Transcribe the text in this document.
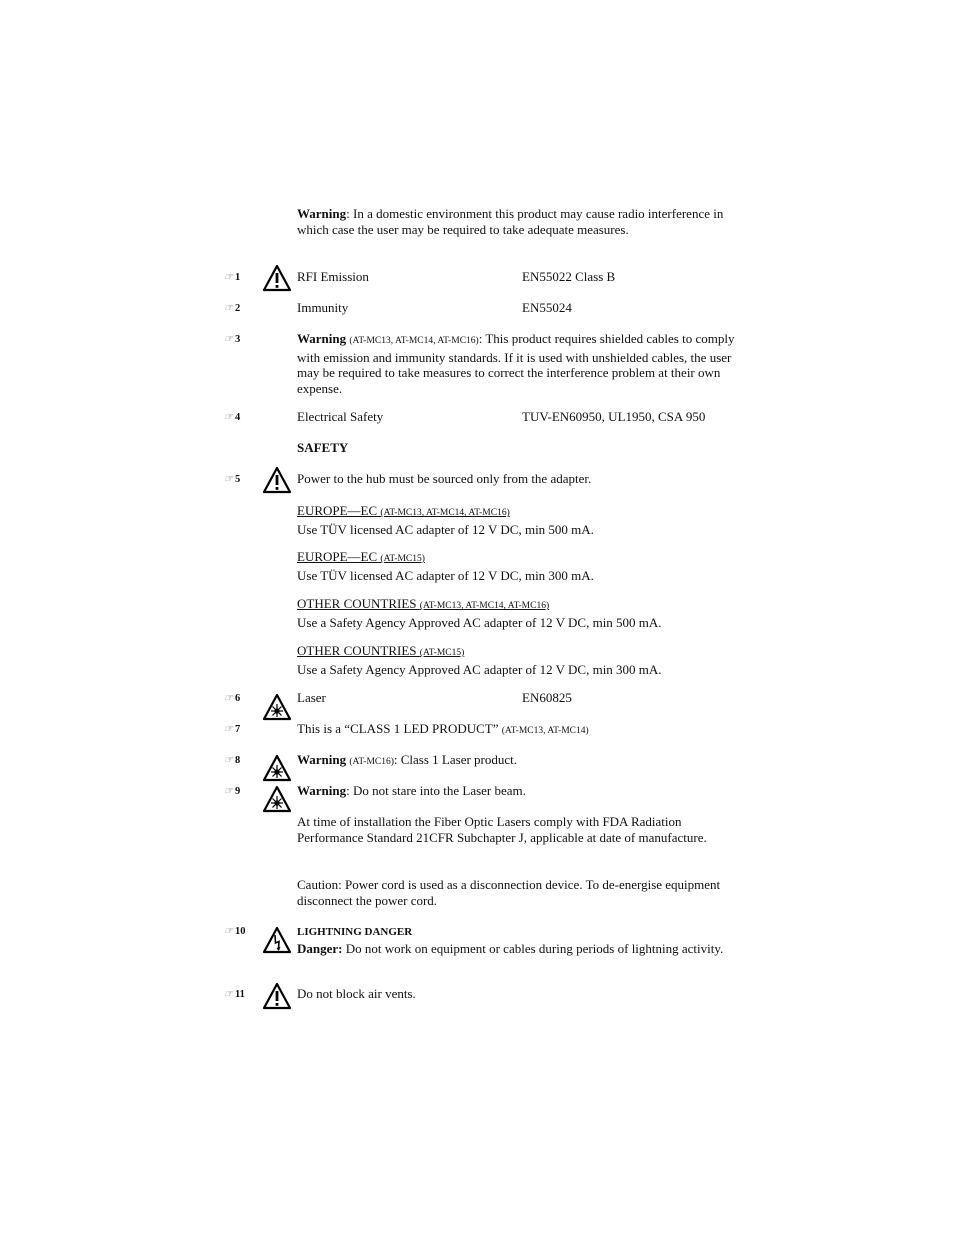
Warning: In a domestic environment this product may cause radio interference in which case the user may be required to take adequate measures.
☞ 1	RFI Emission	EN55022 Class B
☞ 2	Immunity	EN55024
☞ 3	Warning (AT-MC13, AT-MC14, AT-MC16): This product requires shielded cables to comply with emission and immunity standards. If it is used with unshielded cables, the user may be required to take measures to correct the interference problem at their own expense.
☞ 4	Electrical Safety	TUV-EN60950, UL1950, CSA 950
SAFETY
☞ 5	Power to the hub must be sourced only from the adapter.
EUROPE—EC (AT-MC13, AT-MC14, AT-MC16)
Use TÜV licensed AC adapter of 12 V DC, min 500 mA.
EUROPE—EC (AT-MC15)
Use TÜV licensed AC adapter of 12 V DC, min 300 mA.
OTHER COUNTRIES (AT-MC13, AT-MC14, AT-MC16)
Use a Safety Agency Approved AC adapter of 12 V DC, min 500 mA.
OTHER COUNTRIES (AT-MC15)
Use a Safety Agency Approved AC adapter of 12 V DC, min 300 mA.
☞ 6	Laser	EN60825
☞ 7	This is a “CLASS 1 LED PRODUCT” (AT-MC13, AT-MC14)
☞ 8	Warning (AT-MC16): Class 1 Laser product.
☞ 9	Warning: Do not stare into the Laser beam.
At time of installation the Fiber Optic Lasers comply with FDA Radiation Performance Standard 21CFR Subchapter J, applicable at date of manufacture.
Caution: Power cord is used as a disconnection device. To de-energise equipment disconnect the power cord.
☞ 10	LIGHTNING DANGER
Danger: Do not work on equipment or cables during periods of lightning activity.
☞ 11	Do not block air vents.
